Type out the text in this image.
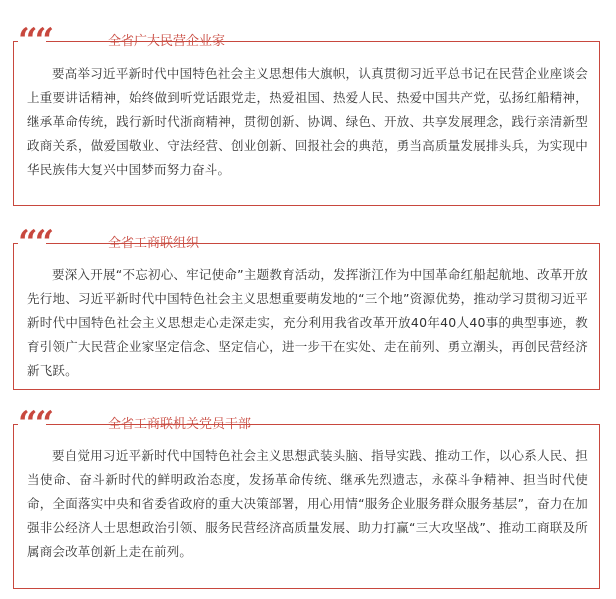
““	全省广大民营企业家
要高举习近平新时代中国特色社会主义思想伟大旗帜，认真贯彻习近平总书记在民营企业座谈会上重要讲话精神，始终做到听党话跟党走，热爱祖国、热爱人民、热爱中国共产党，弘扬红船精神，继承革命传统，践行新时代浙商精神，贯彻创新、协调、绿色、开放、共享发展理念，践行亲清新型政商关系，做爱国敬业、守法经营、创业创新、回报社会的典范，勇当高质量发展排头兵，为实现中华民族伟大复兴中国梦而努力奋斗。
““	全省工商联组织
要深入开展“不忘初心、牢记使命”主题教育活动，发挥浙江作为中国革命红船起航地、改革开放先行地、习近平新时代中国特色社会主义思想重要萌发地的“三个地”资源优势，推动学习贯彻习近平新时代中国特色社会主义思想走心走深走实，充分利用我省改革开放40年40人40事的典型事迹，教育引领广大民营企业家坚定信念、坚定信心，进一步干在实处、走在前列、勇立潮头，再创民营经济新飞跃。
““	全省工商联机关党员干部
要自觉用习近平新时代中国特色社会主义思想武装头脑、指导实践、推动工作，以心系人民、担当使命、奋斗新时代的鲜明政治态度，发扬革命传统、继承先烈遗志，永葆斗争精神、担当时代使命，全面落实中央和省委省政府的重大决策部署，用心用情“服务企业服务群众服务基层”，奋力在加强非公经济人士思想政治引领、服务民营经济高质量发展、助力打赢“三大攻坚战”、推动工商联及所属商会改革创新上走在前列。
